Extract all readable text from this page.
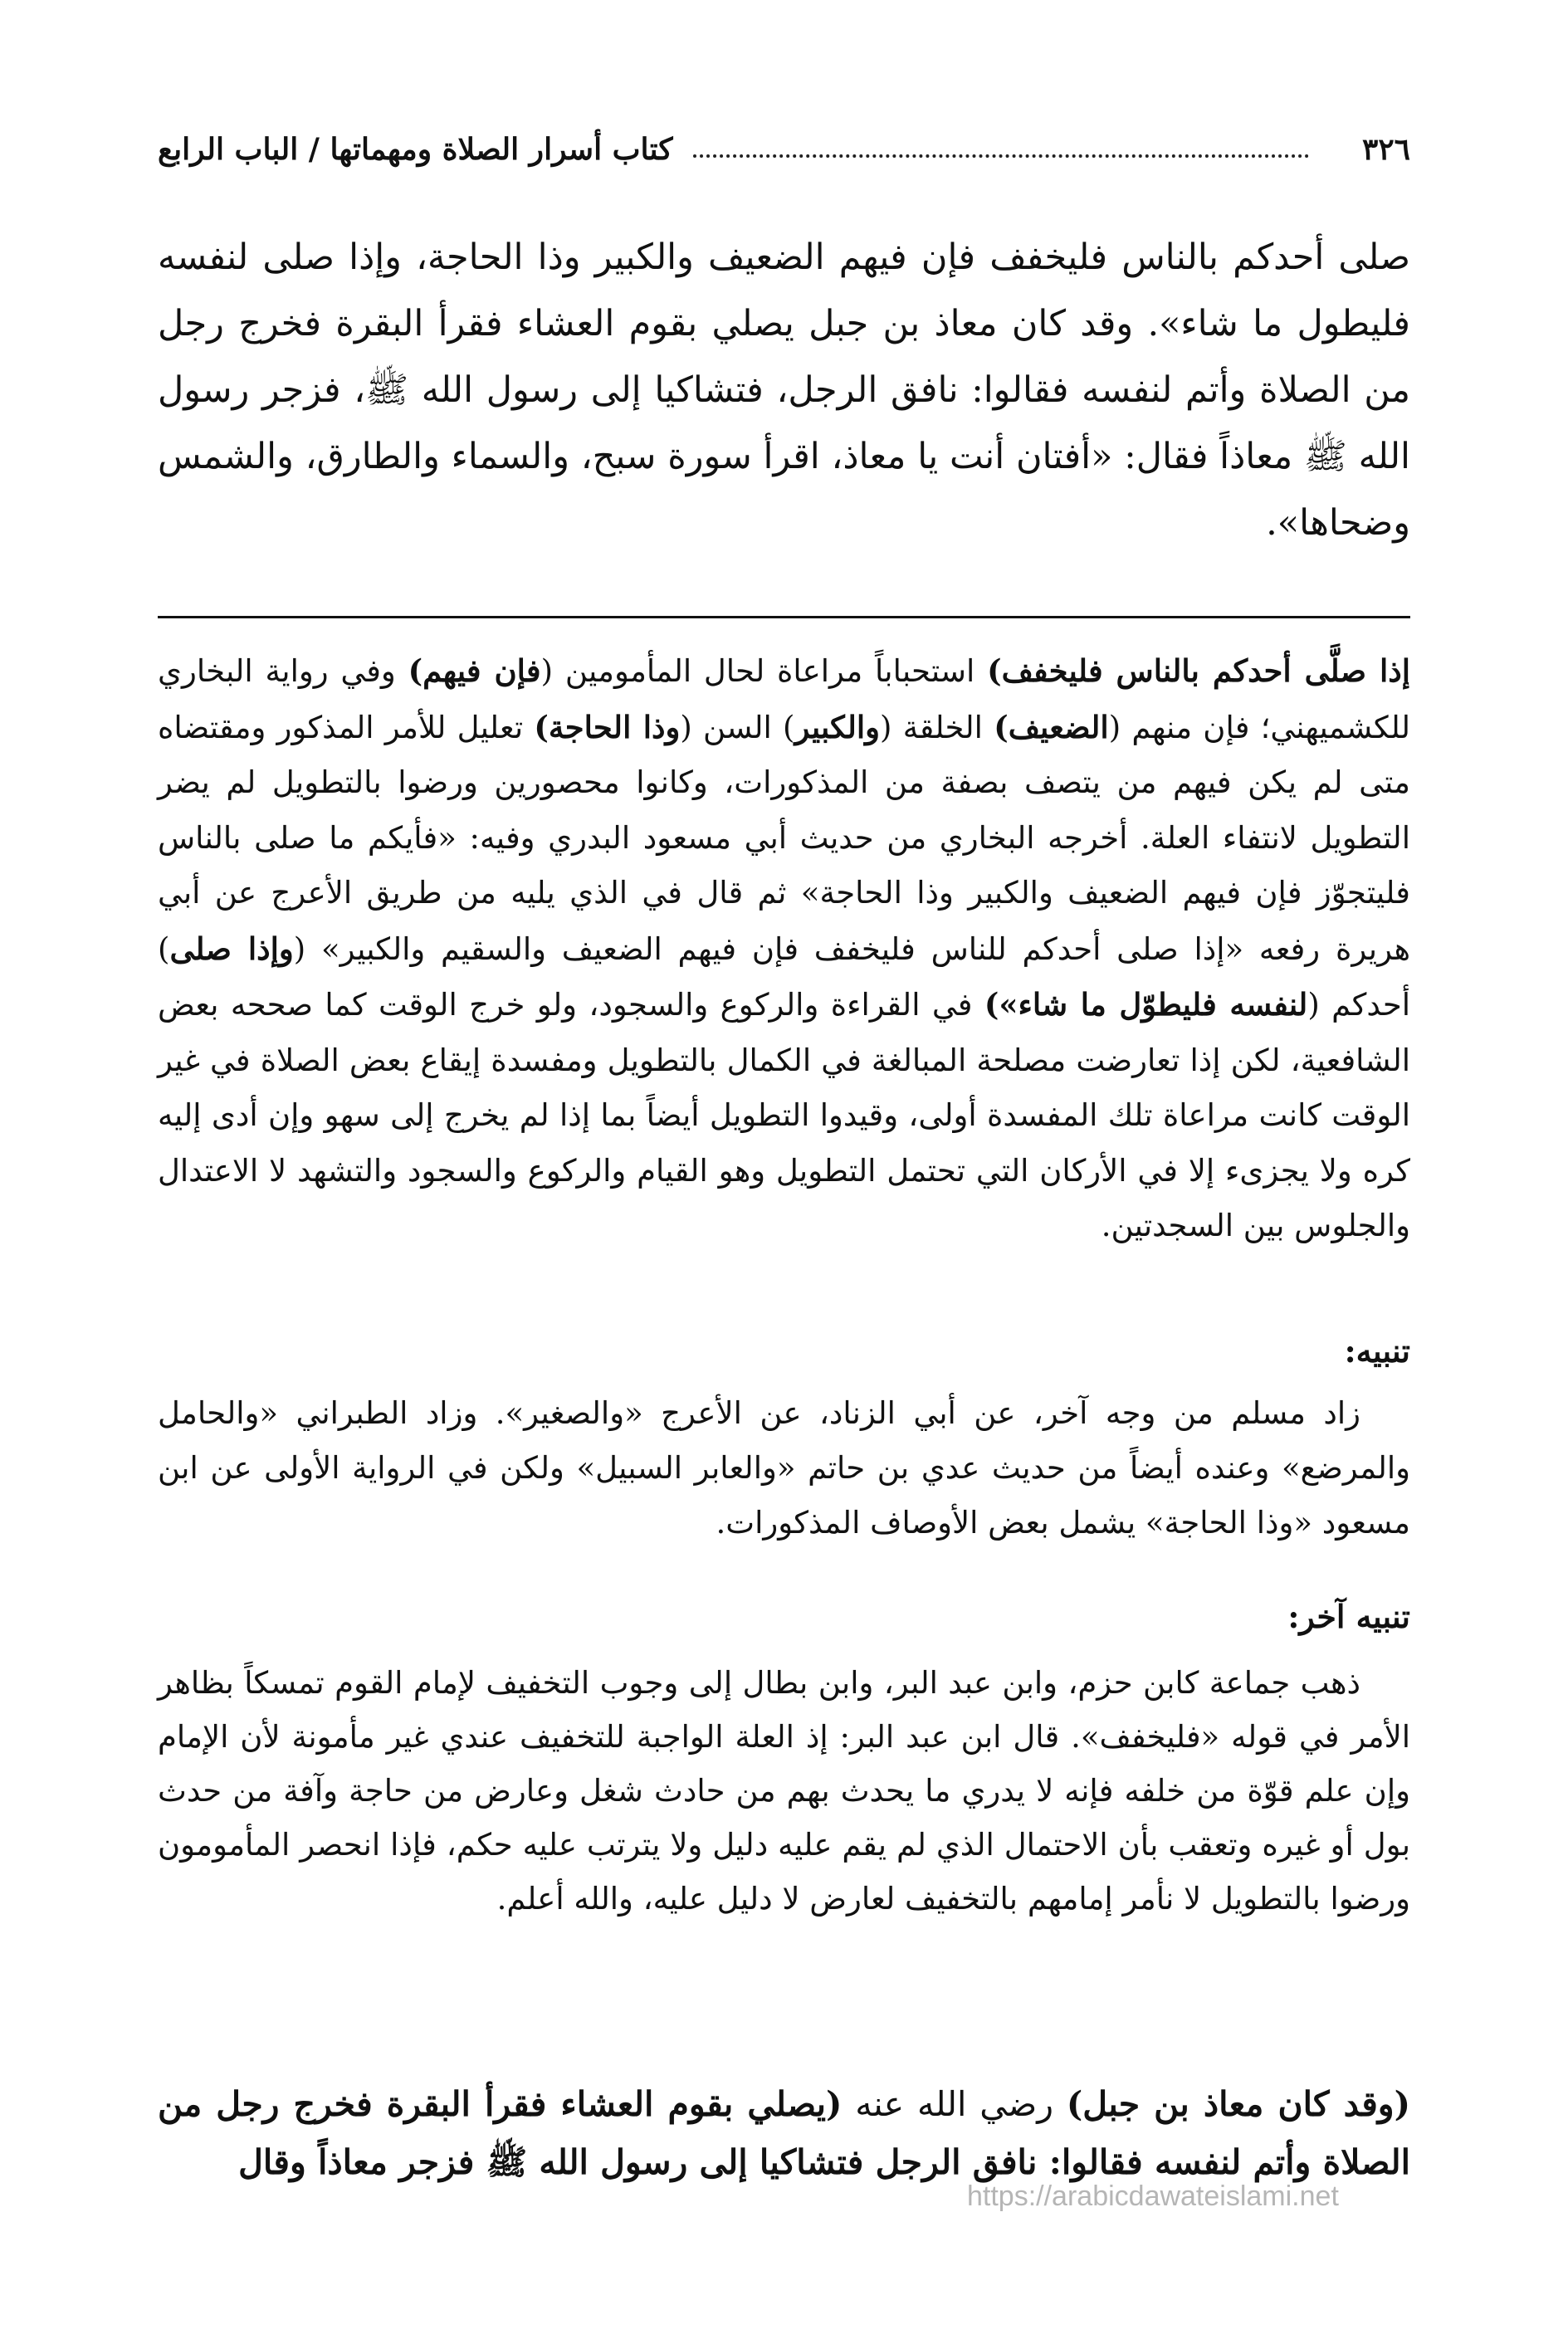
٣٢٦
كتاب أسرار الصلاة ومهماتها / الباب الرابع

صلى أحدكم بالناس فليخفف فإن فيهم الضعيف والكبير وذا الحاجة، وإذا صلى لنفسه فليطول ما شاء». وقد كان معاذ بن جبل يصلي بقوم العشاء فقرأ البقرة فخرج رجل من الصلاة وأتم لنفسه فقالوا: نافق الرجل، فتشاكيا إلى رسول الله ﷺ، فزجر رسول الله ﷺ معاذاً فقال: «أفتان أنت يا معاذ، اقرأ سورة سبح، والسماء والطارق، والشمس وضحاها».

إذا صلَّى أحدكم بالناس فليخفف) استحباباً مراعاة لحال المأمومين (فإن فيهم) وفي رواية البخاري للكشميهني؛ فإن منهم (الضعيف) الخلقة (والكبير) السن (وذا الحاجة) تعليل للأمر المذكور ومقتضاه متى لم يكن فيهم من يتصف بصفة من المذكورات، وكانوا محصورين ورضوا بالتطويل لم يضر التطويل لانتفاء العلة. أخرجه البخاري من حديث أبي مسعود البدري وفيه: «فأيكم ما صلى بالناس فليتجوّز فإن فيهم الضعيف والكبير وذا الحاجة» ثم قال في الذي يليه من طريق الأعرج عن أبي هريرة رفعه «إذا صلى أحدكم للناس فليخفف فإن فيهم الضعيف والسقيم والكبير» (وإذا صلى) أحدكم (لنفسه فليطوّل ما شاء») في القراءة والركوع والسجود، ولو خرج الوقت كما صححه بعض الشافعية، لكن إذا تعارضت مصلحة المبالغة في الكمال بالتطويل ومفسدة إيقاع بعض الصلاة في غير الوقت كانت مراعاة تلك المفسدة أولى، وقيدوا التطويل أيضاً بما إذا لم يخرج إلى سهو وإن أدى إليه كره ولا يجزىء إلا في الأركان التي تحتمل التطويل وهو القيام والركوع والسجود والتشهد لا الاعتدال والجلوس بين السجدتين.

تنبيه:

زاد مسلم من وجه آخر، عن أبي الزناد، عن الأعرج «والصغير». وزاد الطبراني «والحامل والمرضع» وعنده أيضاً من حديث عدي بن حاتم «والعابر السبيل» ولكن في الرواية الأولى عن ابن مسعود «وذا الحاجة» يشمل بعض الأوصاف المذكورات.

تنبيه آخر:

ذهب جماعة كابن حزم، وابن عبد البر، وابن بطال إلى وجوب التخفيف لإمام القوم تمسكاً بظاهر الأمر في قوله «فليخفف». قال ابن عبد البر: إذ العلة الواجبة للتخفيف عندي غير مأمونة لأن الإمام وإن علم قوّة من خلفه فإنه لا يدري ما يحدث بهم من حادث شغل وعارض من حاجة وآفة من حدث بول أو غيره وتعقب بأن الاحتمال الذي لم يقم عليه دليل ولا يترتب عليه حكم، فإذا انحصر المأمومون ورضوا بالتطويل لا نأمر إمامهم بالتخفيف لعارض لا دليل عليه، والله أعلم.

(وقد كان معاذ بن جبل) رضي الله عنه (يصلي بقوم العشاء فقرأ البقرة فخرج رجل من الصلاة وأتم لنفسه فقالوا: نافق الرجل فتشاكيا إلى رسول الله ﷺ فزجر معاذاً وقال

https://arabicdawateislami.net
